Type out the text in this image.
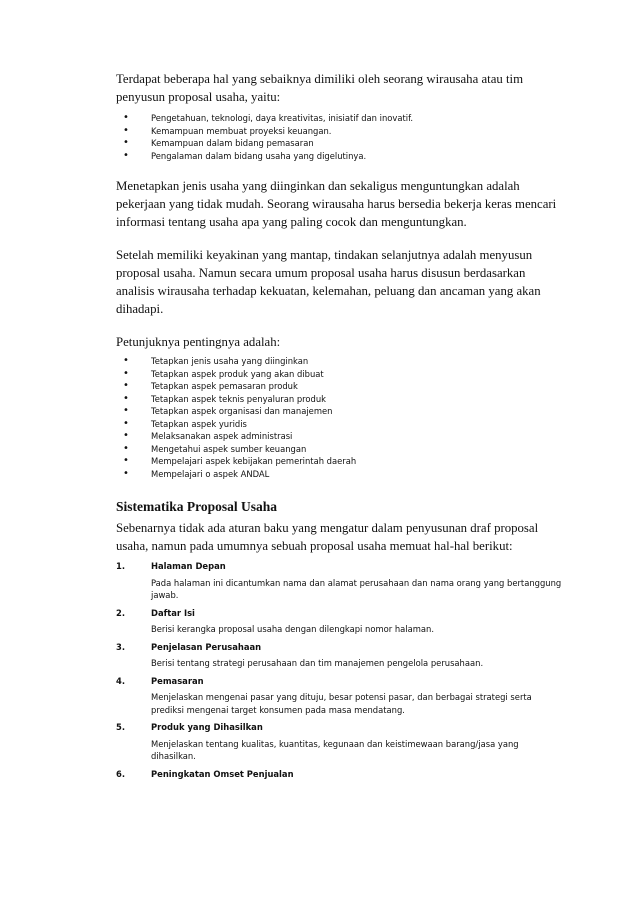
Terdapat beberapa hal yang sebaiknya dimiliki oleh seorang wirausaha atau tim penyusun proposal usaha, yaitu:

• Pengetahuan, teknologi, daya kreativitas, inisiatif dan inovatif.
• Kemampuan membuat proyeksi keuangan.
• Kemampuan dalam bidang pemasaran
• Pengalaman dalam bidang usaha yang digelutinya.

Menetapkan jenis usaha yang diinginkan dan sekaligus menguntungkan adalah pekerjaan yang tidak mudah. Seorang wirausaha harus bersedia bekerja keras mencari informasi tentang usaha apa yang paling cocok dan menguntungkan.

Setelah memiliki keyakinan yang mantap, tindakan selanjutnya adalah menyusun proposal usaha. Namun secara umum proposal usaha harus disusun berdasarkan analisis wirausaha terhadap kekuatan, kelemahan, peluang dan ancaman yang akan dihadapi.

Petunjuknya pentingnya adalah:

• Tetapkan jenis usaha yang diinginkan
• Tetapkan aspek produk yang akan dibuat
• Tetapkan aspek pemasaran produk
• Tetapkan aspek teknis penyaluran produk
• Tetapkan aspek organisasi dan manajemen
• Tetapkan aspek yuridis
• Melaksanakan aspek administrasi
• Mengetahui aspek sumber keuangan
• Mempelajari aspek kebijakan pemerintah daerah
• Mempelajari o aspek ANDAL
Sistematika Proposal Usaha

Sebenarnya tidak ada aturan baku yang mengatur dalam penyusunan draf proposal usaha, namun pada umumnya sebuah proposal usaha memuat hal-hal berikut:

1.	Halaman Depan
Pada halaman ini dicantumkan nama dan alamat perusahaan dan nama orang yang bertanggung jawab.
2.	Daftar Isi
Berisi kerangka proposal usaha dengan dilengkapi nomor halaman.
3.	Penjelasan Perusahaan
Berisi tentang strategi perusahaan dan tim manajemen pengelola perusahaan.
4.	Pemasaran
Menjelaskan mengenai pasar yang dituju, besar potensi pasar, dan berbagai strategi serta prediksi mengenai target konsumen pada masa mendatang.
5.	Produk yang Dihasilkan
Menjelaskan tentang kualitas, kuantitas, kegunaan dan keistimewaan barang/jasa yang dihasilkan.
6.	Peningkatan Omset Penjualan
